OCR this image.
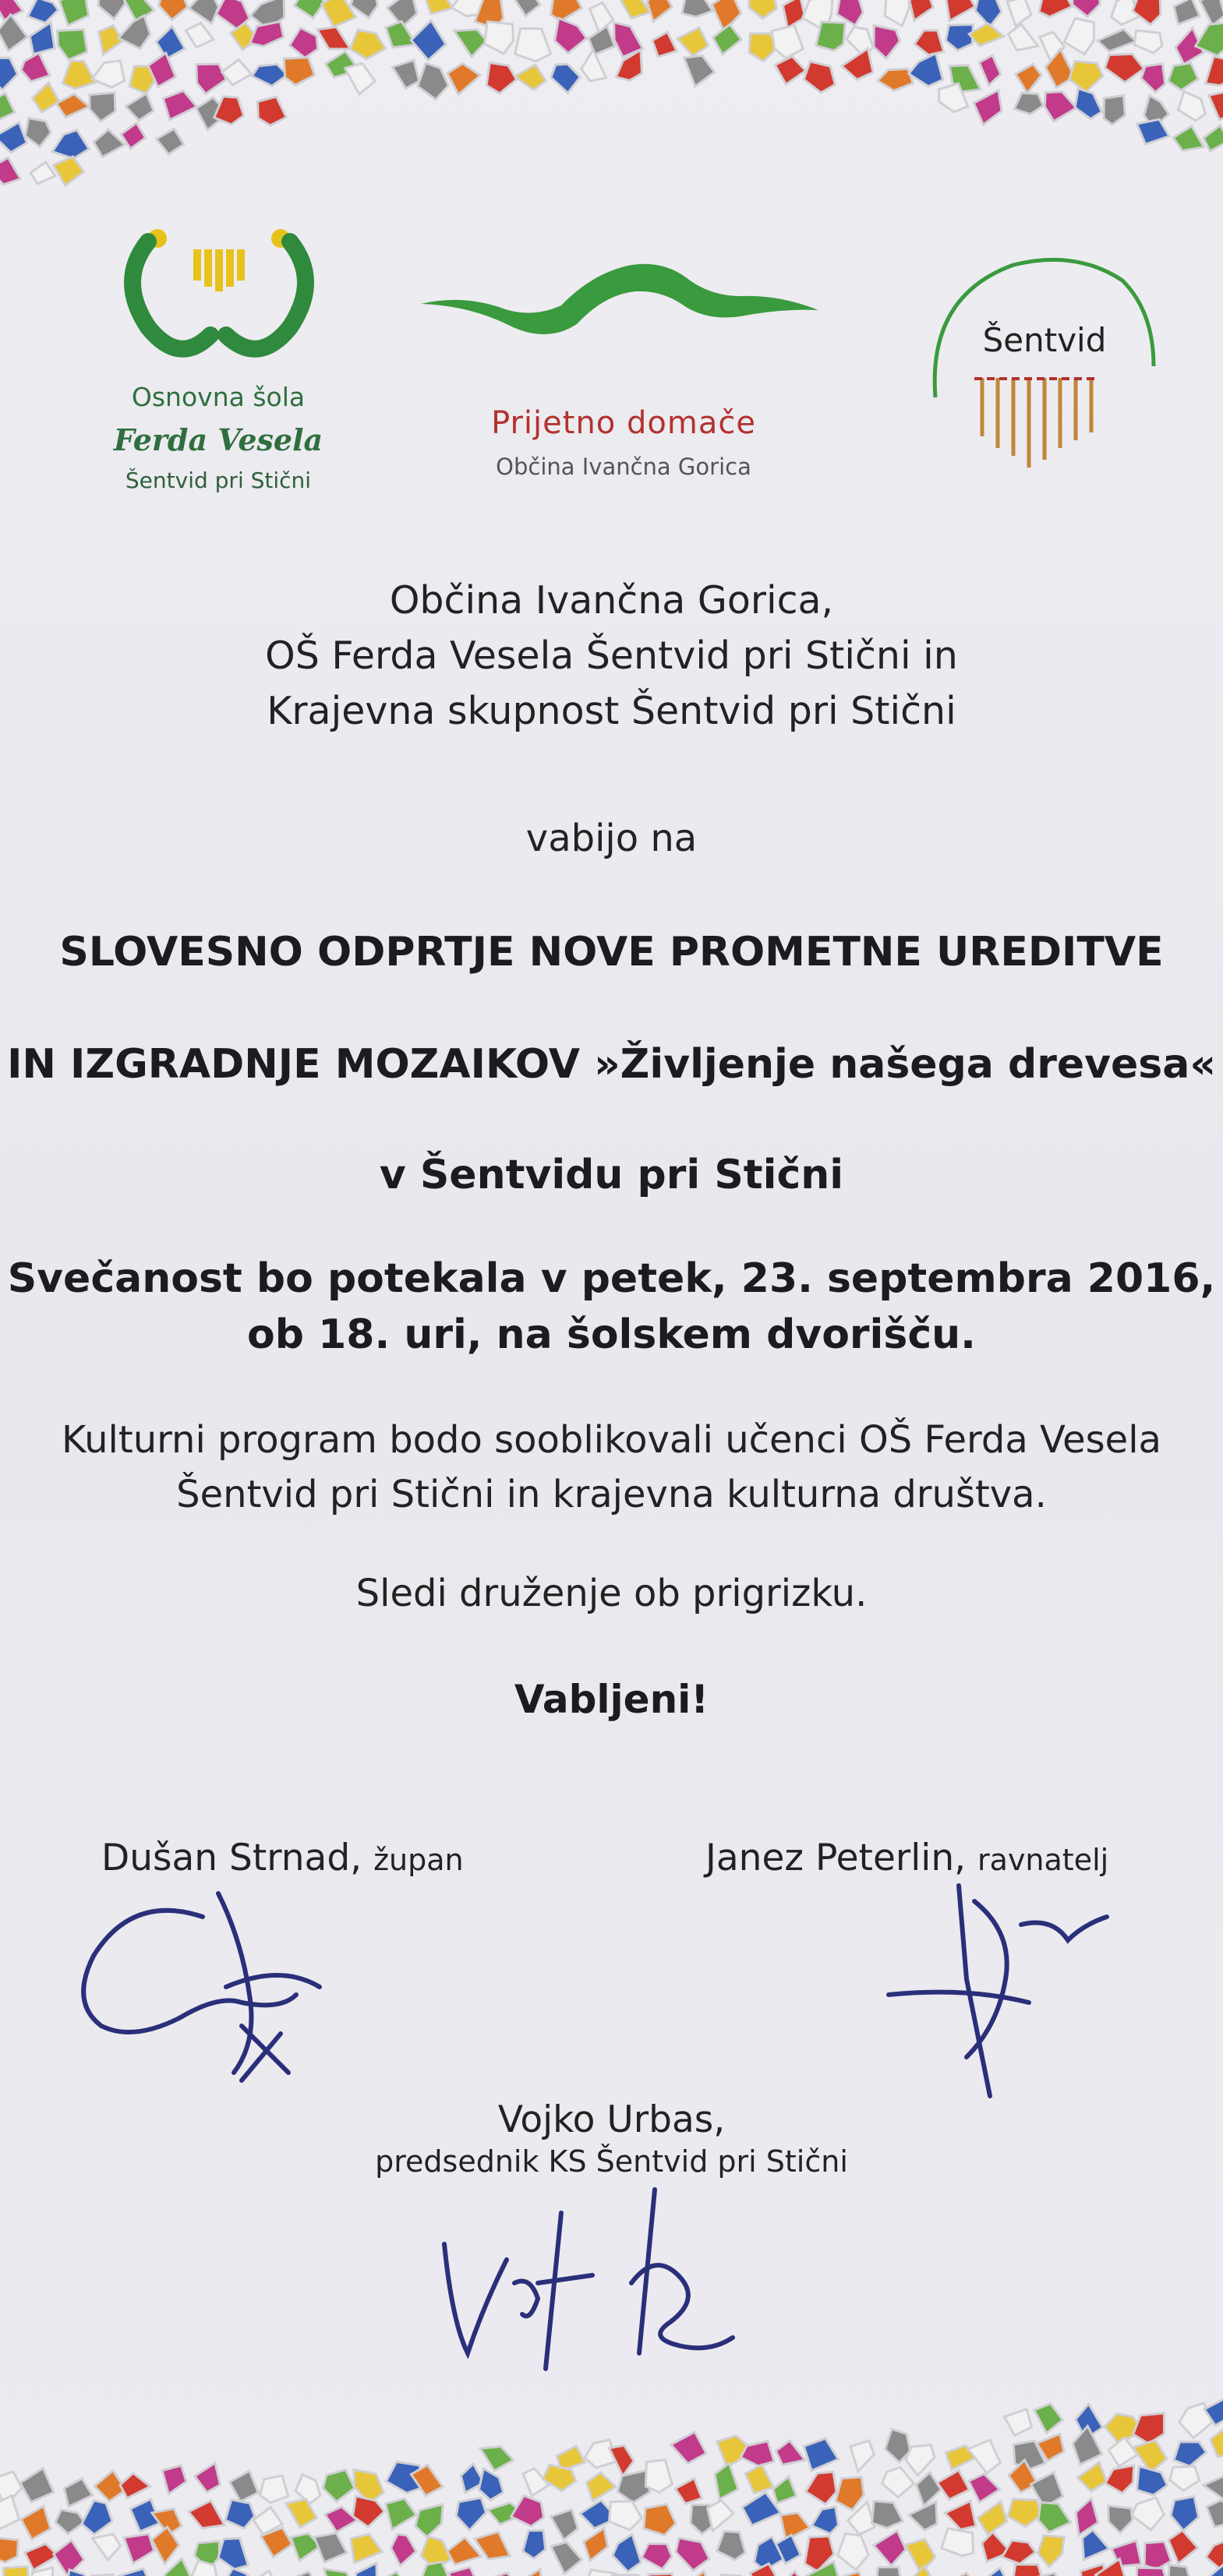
Osnovna šola
Ferda Vesela
Šentvid pri Stični
Prijetno domače
Občina Ivančna Gorica
Šentvid
Občina Ivančna Gorica,
OŠ Ferda Vesela Šentvid pri Stični in
Krajevna skupnost Šentvid pri Stični
vabijo na
SLOVESNO ODPRTJE NOVE PROMETNE UREDITVE
IN IZGRADNJE MOZAIKOV »Življenje našega drevesa«
v Šentvidu pri Stični
Svečanost bo potekala v petek, 23. septembra 2016,
ob 18. uri, na šolskem dvorišču.
Kulturni program bodo sooblikovali učenci OŠ Ferda Vesela
Šentvid pri Stični in krajevna kulturna društva.
Sledi druženje ob prigrizku.
Vabljeni!
Dušan Strnad, župan	Janez Peterlin, ravnatelj
Vojko Urbas,
predsednik KS Šentvid pri Stični
